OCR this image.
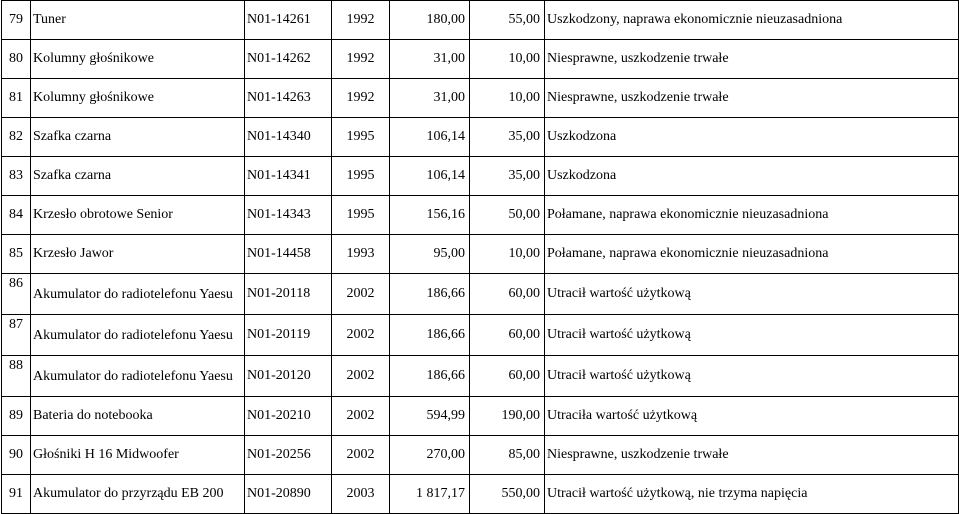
79	Tuner	N01-14261	1992	180,00	55,00	Uszkodzony, naprawa ekonomicznie nieuzasadniona
80	Kolumny głośnikowe	N01-14262	1992	31,00	10,00	Niesprawne, uszkodzenie trwałe
81	Kolumny głośnikowe	N01-14263	1992	31,00	10,00	Niesprawne, uszkodzenie trwałe
82	Szafka czarna	N01-14340	1995	106,14	35,00	Uszkodzona
83	Szafka czarna	N01-14341	1995	106,14	35,00	Uszkodzona
84	Krzesło obrotowe Senior	N01-14343	1995	156,16	50,00	Połamane, naprawa ekonomicznie nieuzasadniona
85	Krzesło Jawor	N01-14458	1993	95,00	10,00	Połamane, naprawa ekonomicznie nieuzasadniona
86	Akumulator do radiotelefonu Yaesu	N01-20118	2002	186,66	60,00	Utracił wartość użytkową
87	Akumulator do radiotelefonu Yaesu	N01-20119	2002	186,66	60,00	Utracił wartość użytkową
88	Akumulator do radiotelefonu Yaesu	N01-20120	2002	186,66	60,00	Utracił wartość użytkową
89	Bateria do notebooka	N01-20210	2002	594,99	190,00	Utraciła wartość użytkową
90	Głośniki H 16 Midwoofer	N01-20256	2002	270,00	85,00	Niesprawne, uszkodzenie trwałe
91	Akumulator do przyrządu EB 200	N01-20890	2003	1 817,17	550,00	Utracił wartość użytkową, nie trzyma napięcia
